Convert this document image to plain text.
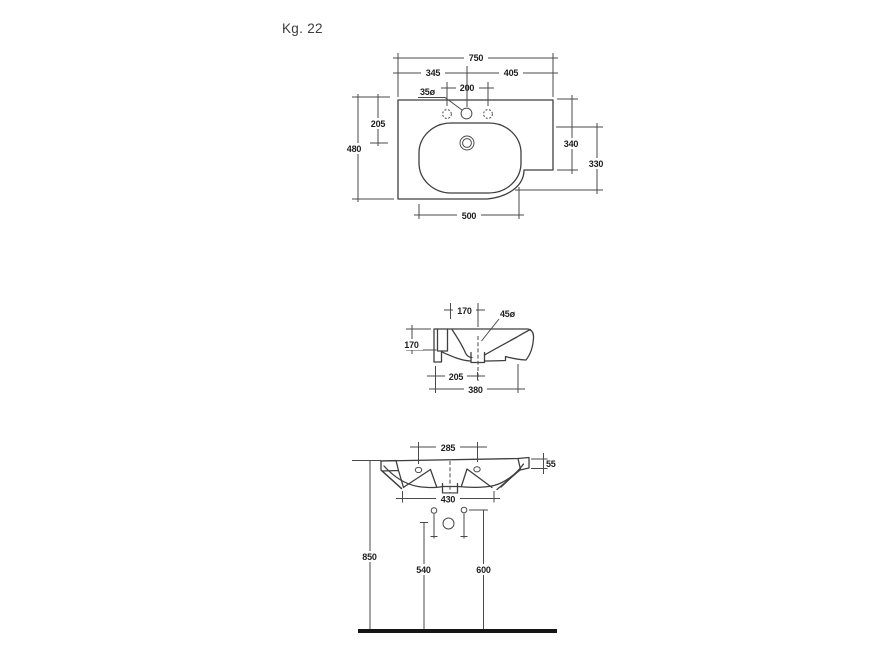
Kg. 22
750
345	405
200
35ø
205
480	340
330
500
170	45ø
170
205
380
285
55
430
850
540	600
